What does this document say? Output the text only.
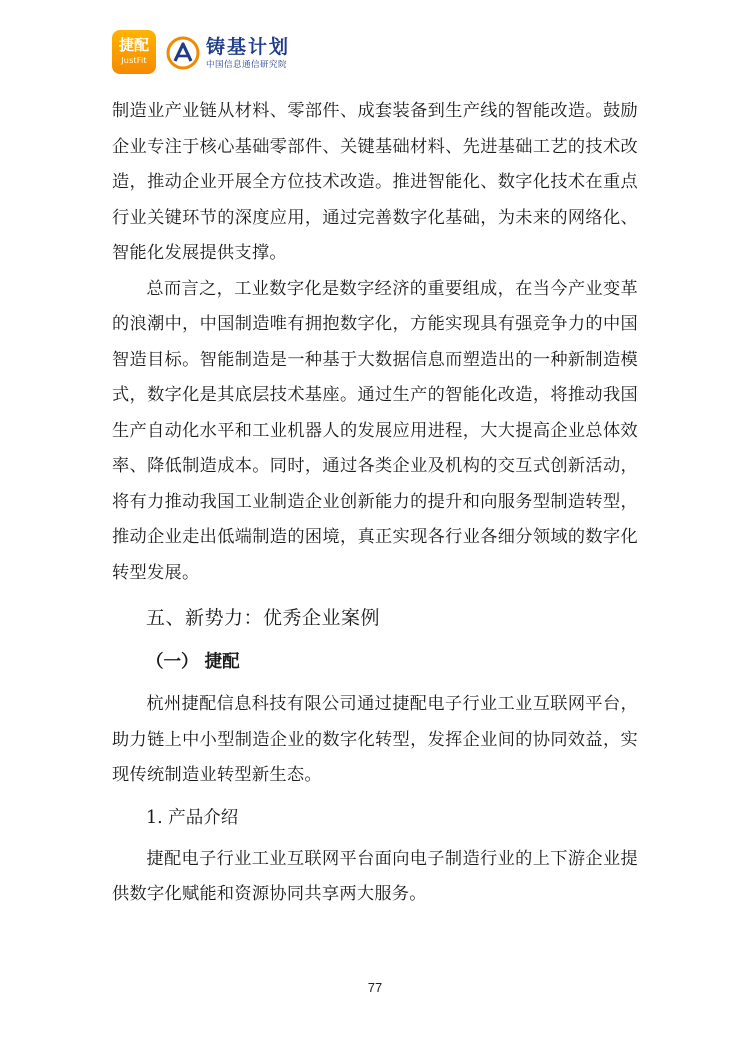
捷配
JustFit
铸基计划
中国信息通信研究院

制造业产业链从材料、零部件、成套装备到生产线的智能改造。鼓励企业专注于核心基础零部件、关键基础材料、先进基础工艺的技术改造，推动企业开展全方位技术改造。推进智能化、数字化技术在重点行业关键环节的深度应用，通过完善数字化基础，为未来的网络化、智能化发展提供支撑。

总而言之，工业数字化是数字经济的重要组成，在当今产业变革的浪潮中，中国制造唯有拥抱数字化，方能实现具有强竞争力的中国智造目标。智能制造是一种基于大数据信息而塑造出的一种新制造模式，数字化是其底层技术基座。通过生产的智能化改造，将推动我国生产自动化水平和工业机器人的发展应用进程，大大提高企业总体效率、降低制造成本。同时，通过各类企业及机构的交互式创新活动，将有力推动我国工业制造企业创新能力的提升和向服务型制造转型，推动企业走出低端制造的困境，真正实现各行业各细分领域的数字化转型发展。

五、新势力：优秀企业案例

（一） 捷配

杭州捷配信息科技有限公司通过捷配电子行业工业互联网平台，助力链上中小型制造企业的数字化转型，发挥企业间的协同效益，实现传统制造业转型新生态。

1. 产品介绍

捷配电子行业工业互联网平台面向电子制造行业的上下游企业提供数字化赋能和资源协同共享两大服务。

77
